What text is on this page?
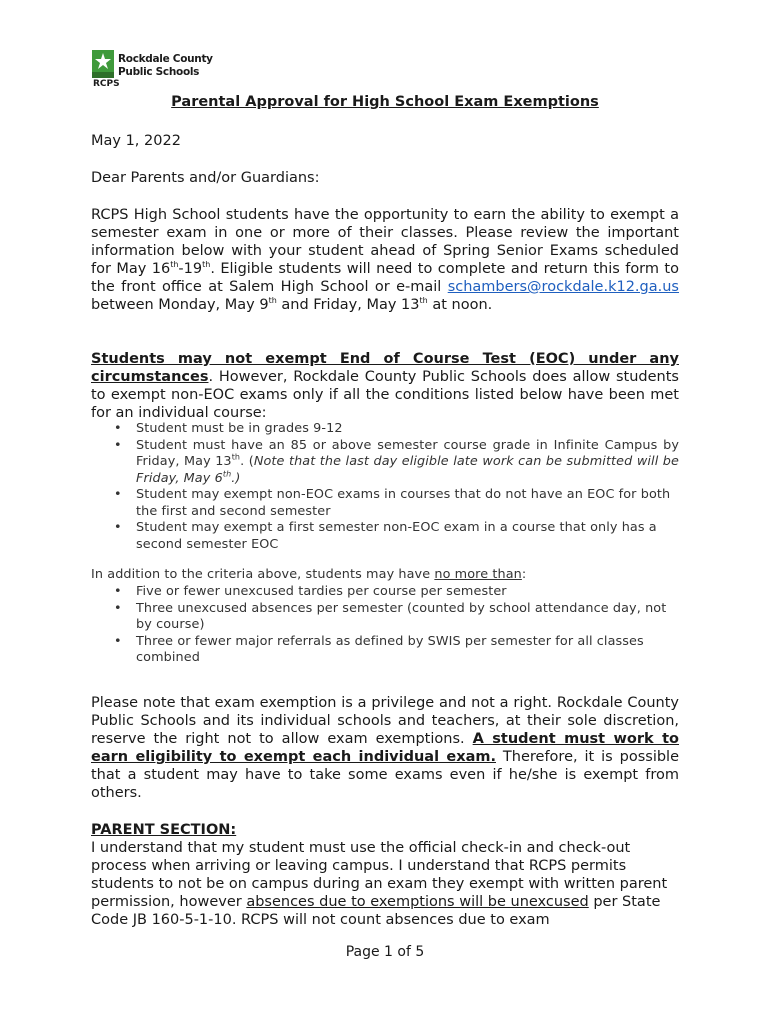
Rockdale County
Public Schools
RCPS
Parental Approval for High School Exam Exemptions
May 1, 2022
Dear Parents and/or Guardians:
RCPS High School students have the opportunity to earn the ability to exempt a semester exam in one or more of their classes. Please review the important information below with your student ahead of Spring Senior Exams scheduled for May 16th-19th. Eligible students will need to complete and return this form to the front office at Salem High School or e-mail schambers@rockdale.k12.ga.us between Monday, May 9th and Friday, May 13th at noon.
Students may not exempt End of Course Test (EOC) under any circumstances. However, Rockdale County Public Schools does allow students to exempt non-EOC exams only if all the conditions listed below have been met for an individual course:
• Student must be in grades 9-12
• Student must have an 85 or above semester course grade in Infinite Campus by Friday, May 13th. (Note that the last day eligible late work can be submitted will be Friday, May 6th.)
• Student may exempt non-EOC exams in courses that do not have an EOC for both the first and second semester
• Student may exempt a first semester non-EOC exam in a course that only has a second semester EOC
In addition to the criteria above, students may have no more than:
• Five or fewer unexcused tardies per course per semester
• Three unexcused absences per semester (counted by school attendance day, not by course)
• Three or fewer major referrals as defined by SWIS per semester for all classes combined
Please note that exam exemption is a privilege and not a right. Rockdale County Public Schools and its individual schools and teachers, at their sole discretion, reserve the right not to allow exam exemptions. A student must work to earn eligibility to exempt each individual exam. Therefore, it is possible that a student may have to take some exams even if he/she is exempt from others.
PARENT SECTION:
I understand that my student must use the official check-in and check-out process when arriving or leaving campus. I understand that RCPS permits students to not be on campus during an exam they exempt with written parent permission, however absences due to exemptions will be unexcused per State Code JB 160-5-1-10. RCPS will not count absences due to exam
Page 1 of 5
